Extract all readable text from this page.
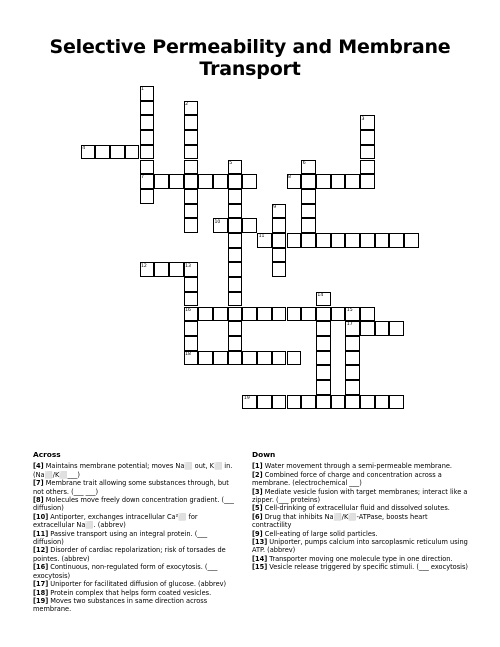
Selective Permeability and Membrane Transport
4
7	8
10
11
12
16
17
18
19
1
2
3
5	6
9
13
14
15
Across
[4] Maintains membrane potential; moves Na⬜ out, K⬜ in. (Na⬜/K⬜___)
[7] Membrane trait allowing some substances through, but not others. (___ ___)
[8] Molecules move freely down concentration gradient. (___ diffusion)
[10] Antiporter, exchanges intracellular Ca²⬜ for extracellular Na⬜. (abbrev)
[11] Passive transport using an integral protein. (___ diffusion)
[12] Disorder of cardiac repolarization; risk of torsades de pointes. (abbrev)
[16] Continuous, non-regulated form of exocytosis. (___ exocytosis)
[17] Uniporter for facilitated diffusion of glucose. (abbrev)
[18] Protein complex that helps form coated vesicles.
[19] Moves two substances in same direction across membrane.
Down
[1] Water movement through a semi-permeable membrane.
[2] Combined force of charge and concentration across a membrane. (electrochemical ___)
[3] Mediate vesicle fusion with target membranes; interact like a zipper. (___ proteins)
[5] Cell-drinking of extracellular fluid and dissolved solutes.
[6] Drug that inhibits Na⬜/K⬜-ATPase, boosts heart contractility
[9] Cell-eating of large solid particles.
[13] Uniporter, pumps calcium into sarcoplasmic reticulum using ATP. (abbrev)
[14] Transporter moving one molecule type in one direction.
[15] Vesicle release triggered by specific stimuli. (___ exocytosis)
